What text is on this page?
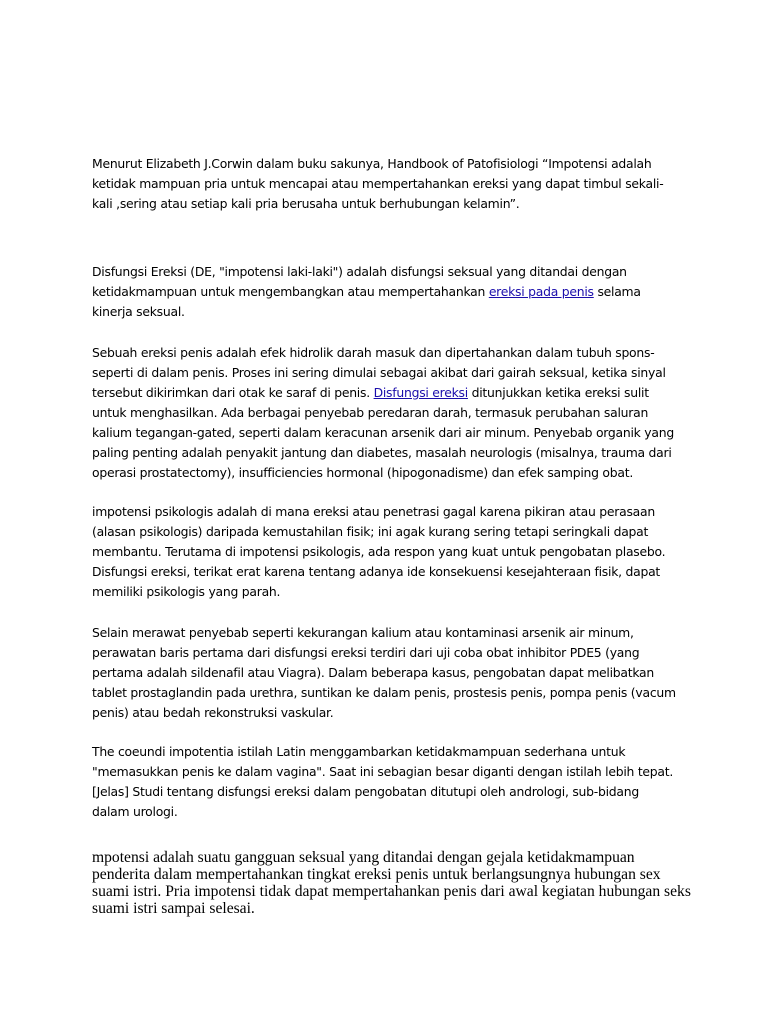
Menurut Elizabeth J.Corwin dalam buku sakunya, Handbook of Patofisiologi “Impotensi adalah ketidak mampuan pria untuk mencapai atau mempertahankan ereksi yang dapat timbul sekali-kali ,sering atau setiap kali pria berusaha untuk berhubungan kelamin”.

Disfungsi Ereksi (DE, "impotensi laki-laki") adalah disfungsi seksual yang ditandai dengan ketidakmampuan untuk mengembangkan atau mempertahankan ereksi pada penis selama kinerja seksual.

Sebuah ereksi penis adalah efek hidrolik darah masuk dan dipertahankan dalam tubuh spons-seperti di dalam penis. Proses ini sering dimulai sebagai akibat dari gairah seksual, ketika sinyal tersebut dikirimkan dari otak ke saraf di penis. Disfungsi ereksi ditunjukkan ketika ereksi sulit untuk menghasilkan. Ada berbagai penyebab peredaran darah, termasuk perubahan saluran kalium tegangan-gated, seperti dalam keracunan arsenik dari air minum. Penyebab organik yang paling penting adalah penyakit jantung dan diabetes, masalah neurologis (misalnya, trauma dari operasi prostatectomy), insufficiencies hormonal (hipogonadisme) dan efek samping obat.

impotensi psikologis adalah di mana ereksi atau penetrasi gagal karena pikiran atau perasaan (alasan psikologis) daripada kemustahilan fisik; ini agak kurang sering tetapi seringkali dapat membantu. Terutama di impotensi psikologis, ada respon yang kuat untuk pengobatan plasebo. Disfungsi ereksi, terikat erat karena tentang adanya ide konsekuensi kesejahteraan fisik, dapat memiliki psikologis yang parah.

Selain merawat penyebab seperti kekurangan kalium atau kontaminasi arsenik air minum, perawatan baris pertama dari disfungsi ereksi terdiri dari uji coba obat inhibitor PDE5 (yang pertama adalah sildenafil atau Viagra). Dalam beberapa kasus, pengobatan dapat melibatkan tablet prostaglandin pada urethra, suntikan ke dalam penis, prostesis penis, pompa penis (vacum penis) atau bedah rekonstruksi vaskular.

The coeundi impotentia istilah Latin menggambarkan ketidakmampuan sederhana untuk "memasukkan penis ke dalam vagina". Saat ini sebagian besar diganti dengan istilah lebih tepat. [Jelas] Studi tentang disfungsi ereksi dalam pengobatan ditutupi oleh andrologi, sub-bidang dalam urologi.

mpotensi adalah suatu gangguan seksual yang ditandai dengan gejala ketidakmampuan penderita dalam mempertahankan tingkat ereksi penis untuk berlangsungnya hubungan sex suami istri. Pria impotensi tidak dapat mempertahankan penis dari awal kegiatan hubungan seks suami istri sampai selesai.
